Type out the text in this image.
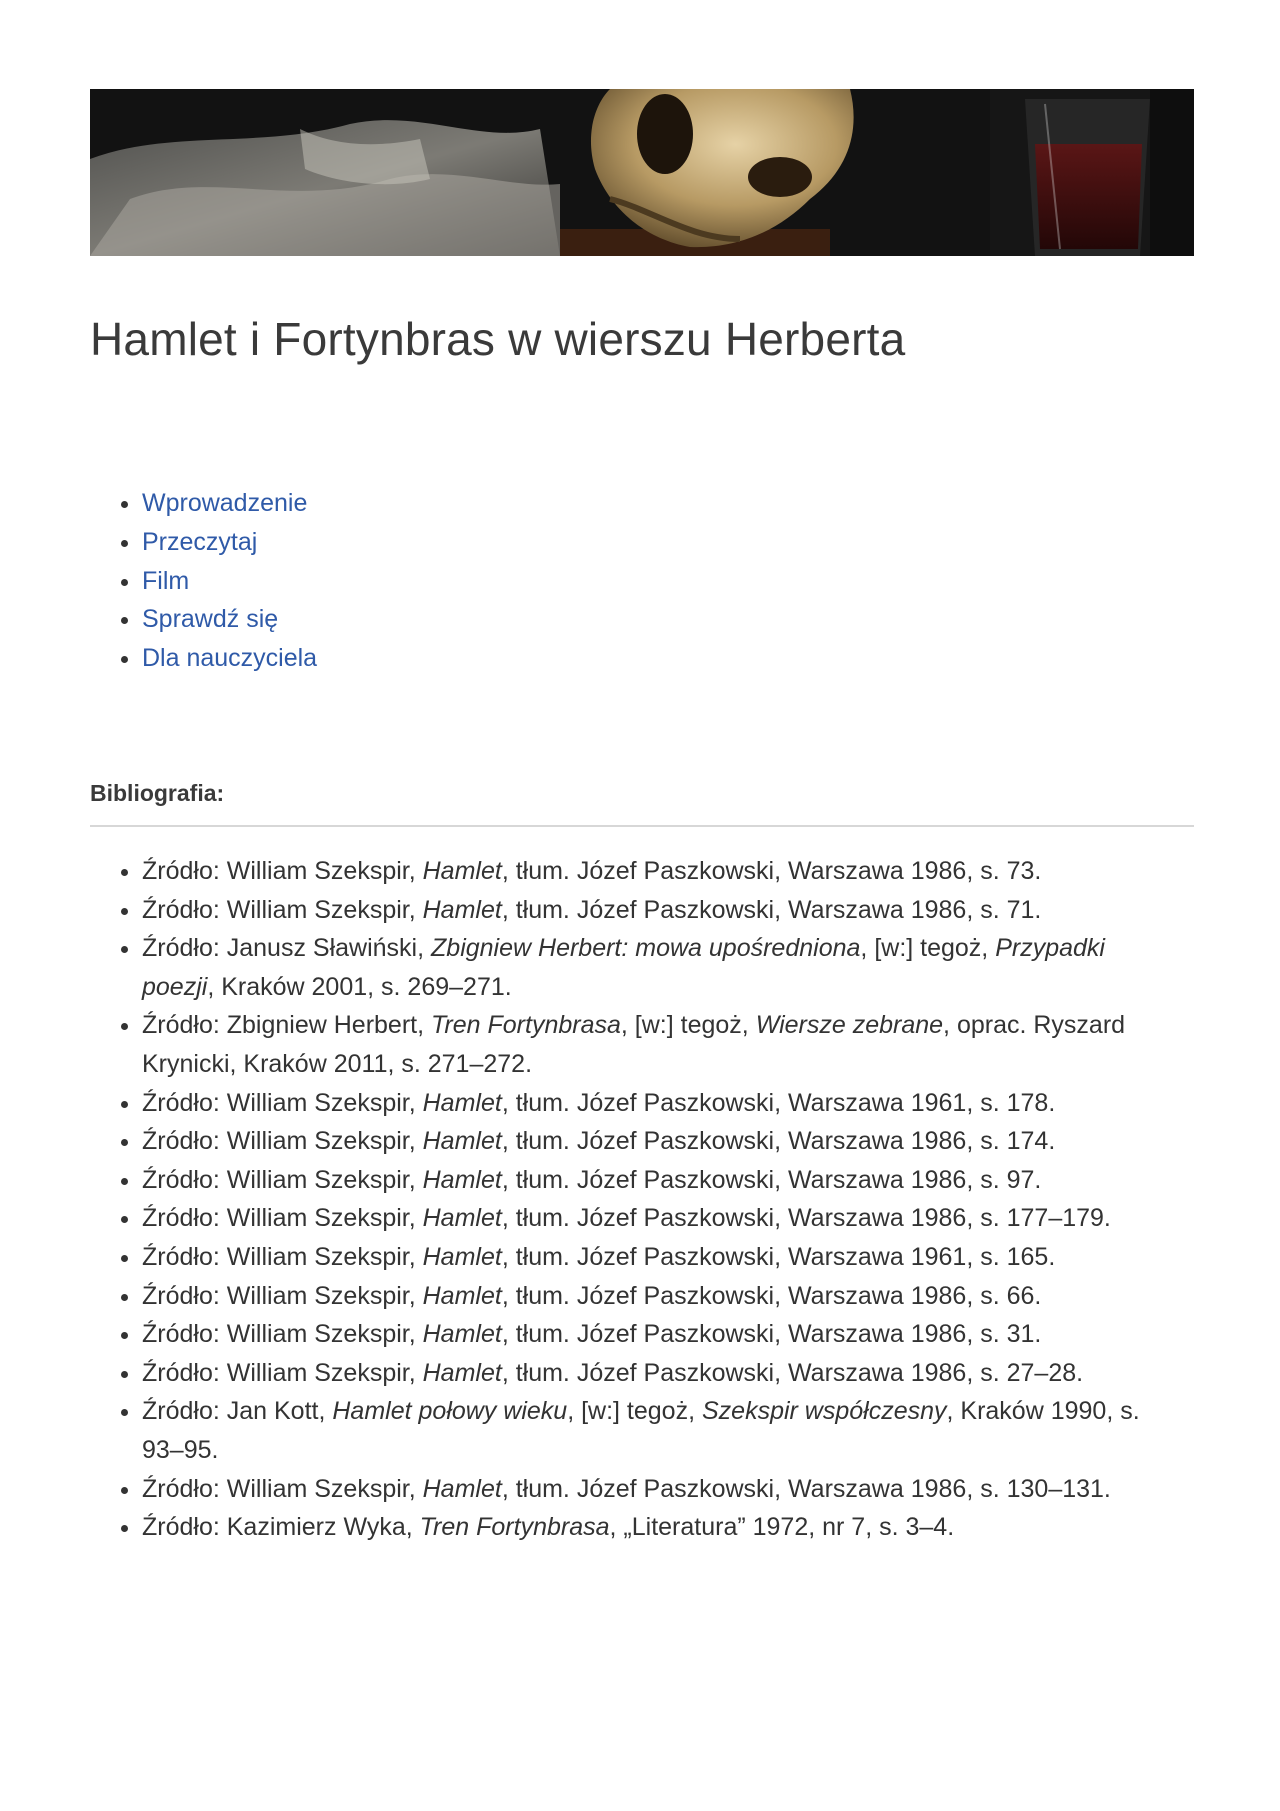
Hamlet i Fortynbras w wierszu Herberta
• Wprowadzenie
• Przeczytaj
• Film
• Sprawdź się
• Dla nauczyciela
Bibliografia:
• Źródło: William Szekspir, Hamlet, tłum. Józef Paszkowski, Warszawa 1986, s. 73.
• Źródło: William Szekspir, Hamlet, tłum. Józef Paszkowski, Warszawa 1986, s. 71.
• Źródło: Janusz Sławiński, Zbigniew Herbert: mowa upośredniona, [w:] tegoż, Przypadki poezji, Kraków 2001, s. 269–271.
• Źródło: Zbigniew Herbert, Tren Fortynbrasa, [w:] tegoż, Wiersze zebrane, oprac. Ryszard Krynicki, Kraków 2011, s. 271–272.
• Źródło: William Szekspir, Hamlet, tłum. Józef Paszkowski, Warszawa 1961, s. 178.
• Źródło: William Szekspir, Hamlet, tłum. Józef Paszkowski, Warszawa 1986, s. 174.
• Źródło: William Szekspir, Hamlet, tłum. Józef Paszkowski, Warszawa 1986, s. 97.
• Źródło: William Szekspir, Hamlet, tłum. Józef Paszkowski, Warszawa 1986, s. 177–179.
• Źródło: William Szekspir, Hamlet, tłum. Józef Paszkowski, Warszawa 1961, s. 165.
• Źródło: William Szekspir, Hamlet, tłum. Józef Paszkowski, Warszawa 1986, s. 66.
• Źródło: William Szekspir, Hamlet, tłum. Józef Paszkowski, Warszawa 1986, s. 31.
• Źródło: William Szekspir, Hamlet, tłum. Józef Paszkowski, Warszawa 1986, s. 27–28.
• Źródło: Jan Kott, Hamlet połowy wieku, [w:] tegoż, Szekspir współczesny, Kraków 1990, s. 93–95.
• Źródło: William Szekspir, Hamlet, tłum. Józef Paszkowski, Warszawa 1986, s. 130–131.
• Źródło: Kazimierz Wyka, Tren Fortynbrasa, „Literatura” 1972, nr 7, s. 3–4.
